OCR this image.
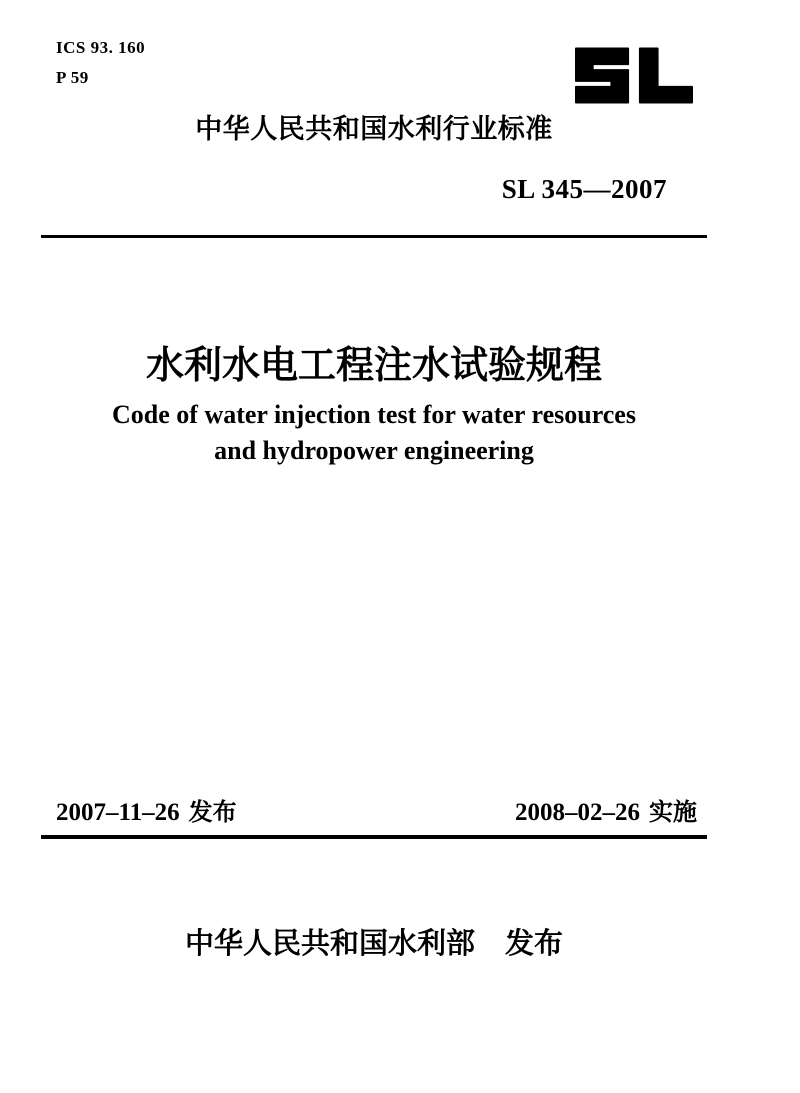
ICS 93. 160
P 59
中华人民共和国水利行业标准
SL 345—2007
水利水电工程注水试验规程
Code of water injection test for water resources
and hydropower engineering
2007–11–26 发布	2008–02–26 实施
中华人民共和国水利部 发布
